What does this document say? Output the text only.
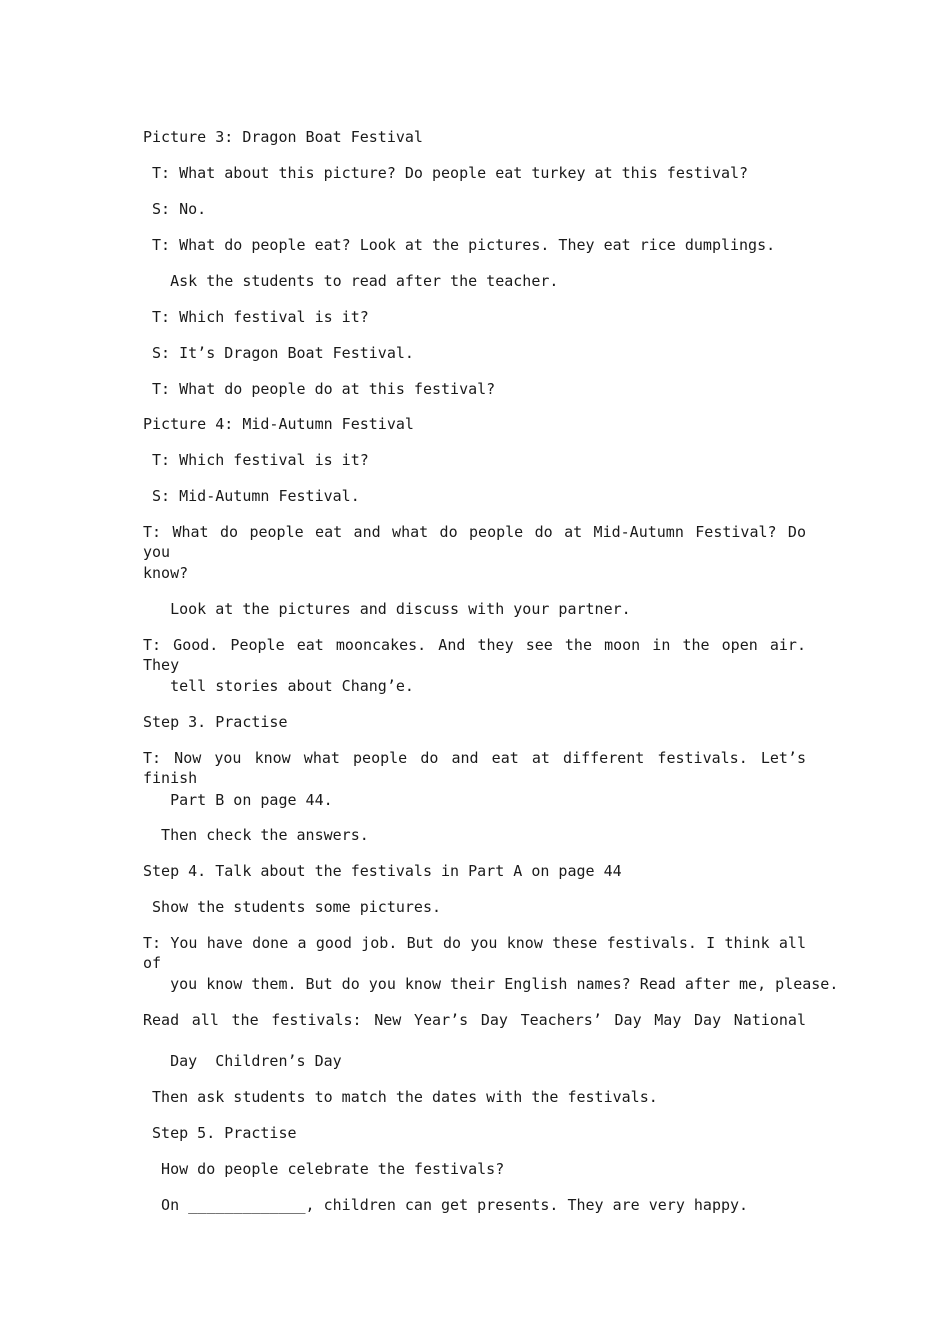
Picture 3: Dragon Boat Festival
T: What about this picture? Do people eat turkey at this festival?
S: No.
T: What do people eat? Look at the pictures. They eat rice dumplings.
Ask the students to read after the teacher.
T: Which festival is it?
S: It’s Dragon Boat Festival.
T: What do people do at this festival?
Picture 4: Mid-Autumn Festival
T: Which festival is it?
S: Mid-Autumn Festival.
T: What do people eat and what do people do at Mid-Autumn Festival? Do you
know?
Look at the pictures and discuss with your partner.
T: Good. People eat mooncakes. And they see the moon in the open air. They
tell stories about Chang’e.
Step 3. Practise
T: Now you know what people do and eat at different festivals. Let’s finish
Part B on page 44.
Then check the answers.
Step 4. Talk about the festivals in Part A on page 44
Show the students some pictures.
T: You have done a good job. But do you know these festivals. I think all of
you know them. But do you know their English names? Read after me, please.
Read all the festivals: New Year’s Day Teachers’ Day May Day National
Day  Children’s Day
Then ask students to match the dates with the festivals.
Step 5. Practise
How do people celebrate the festivals?
On _____________, children can get presents. They are very happy.
